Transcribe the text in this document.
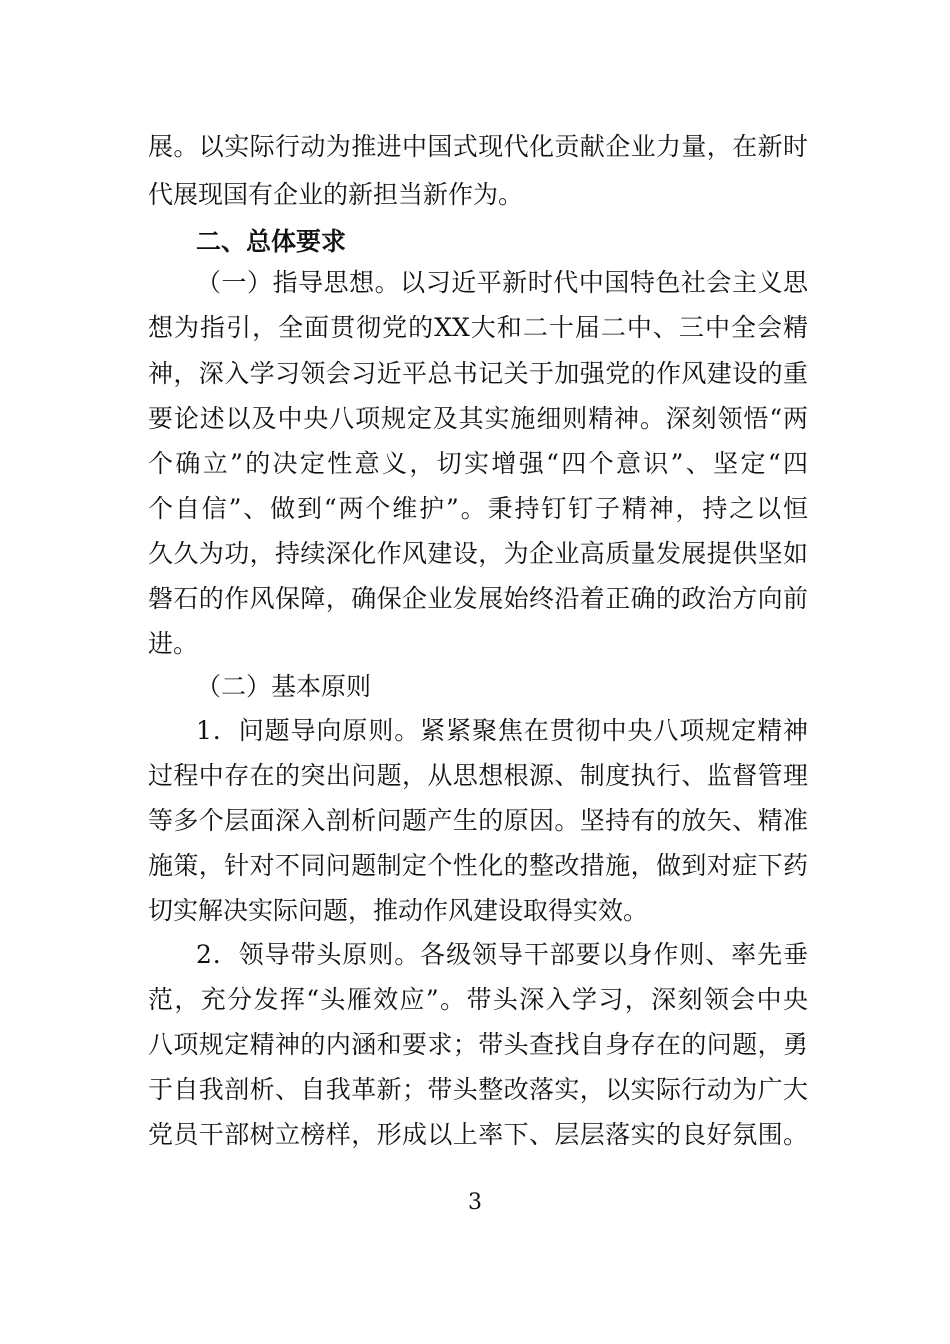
展。以实际行动为推进中国式现代化贡献企业力量，在新时
代展现国有企业的新担当新作为。
二、总体要求
（一）指导思想。以习近平新时代中国特色社会主义思
想为指引，全面贯彻党的XX大和二十届二中、三中全会精
神，深入学习领会习近平总书记关于加强党的作风建设的重
要论述以及中央八项规定及其实施细则精神。深刻领悟“两
个确立”的决定性意义，切实增强“四个意识”、坚定“四
个自信”、做到“两个维护”。秉持钉钉子精神，持之以恒
久久为功，持续深化作风建设，为企业高质量发展提供坚如
磐石的作风保障，确保企业发展始终沿着正确的政治方向前
进。
（二）基本原则
1．问题导向原则。紧紧聚焦在贯彻中央八项规定精神
过程中存在的突出问题，从思想根源、制度执行、监督管理
等多个层面深入剖析问题产生的原因。坚持有的放矢、精准
施策，针对不同问题制定个性化的整改措施，做到对症下药
切实解决实际问题，推动作风建设取得实效。
2．领导带头原则。各级领导干部要以身作则、率先垂
范，充分发挥“头雁效应”。带头深入学习，深刻领会中央
八项规定精神的内涵和要求；带头查找自身存在的问题，勇
于自我剖析、自我革新；带头整改落实，以实际行动为广大
党员干部树立榜样，形成以上率下、层层落实的良好氛围。
3
